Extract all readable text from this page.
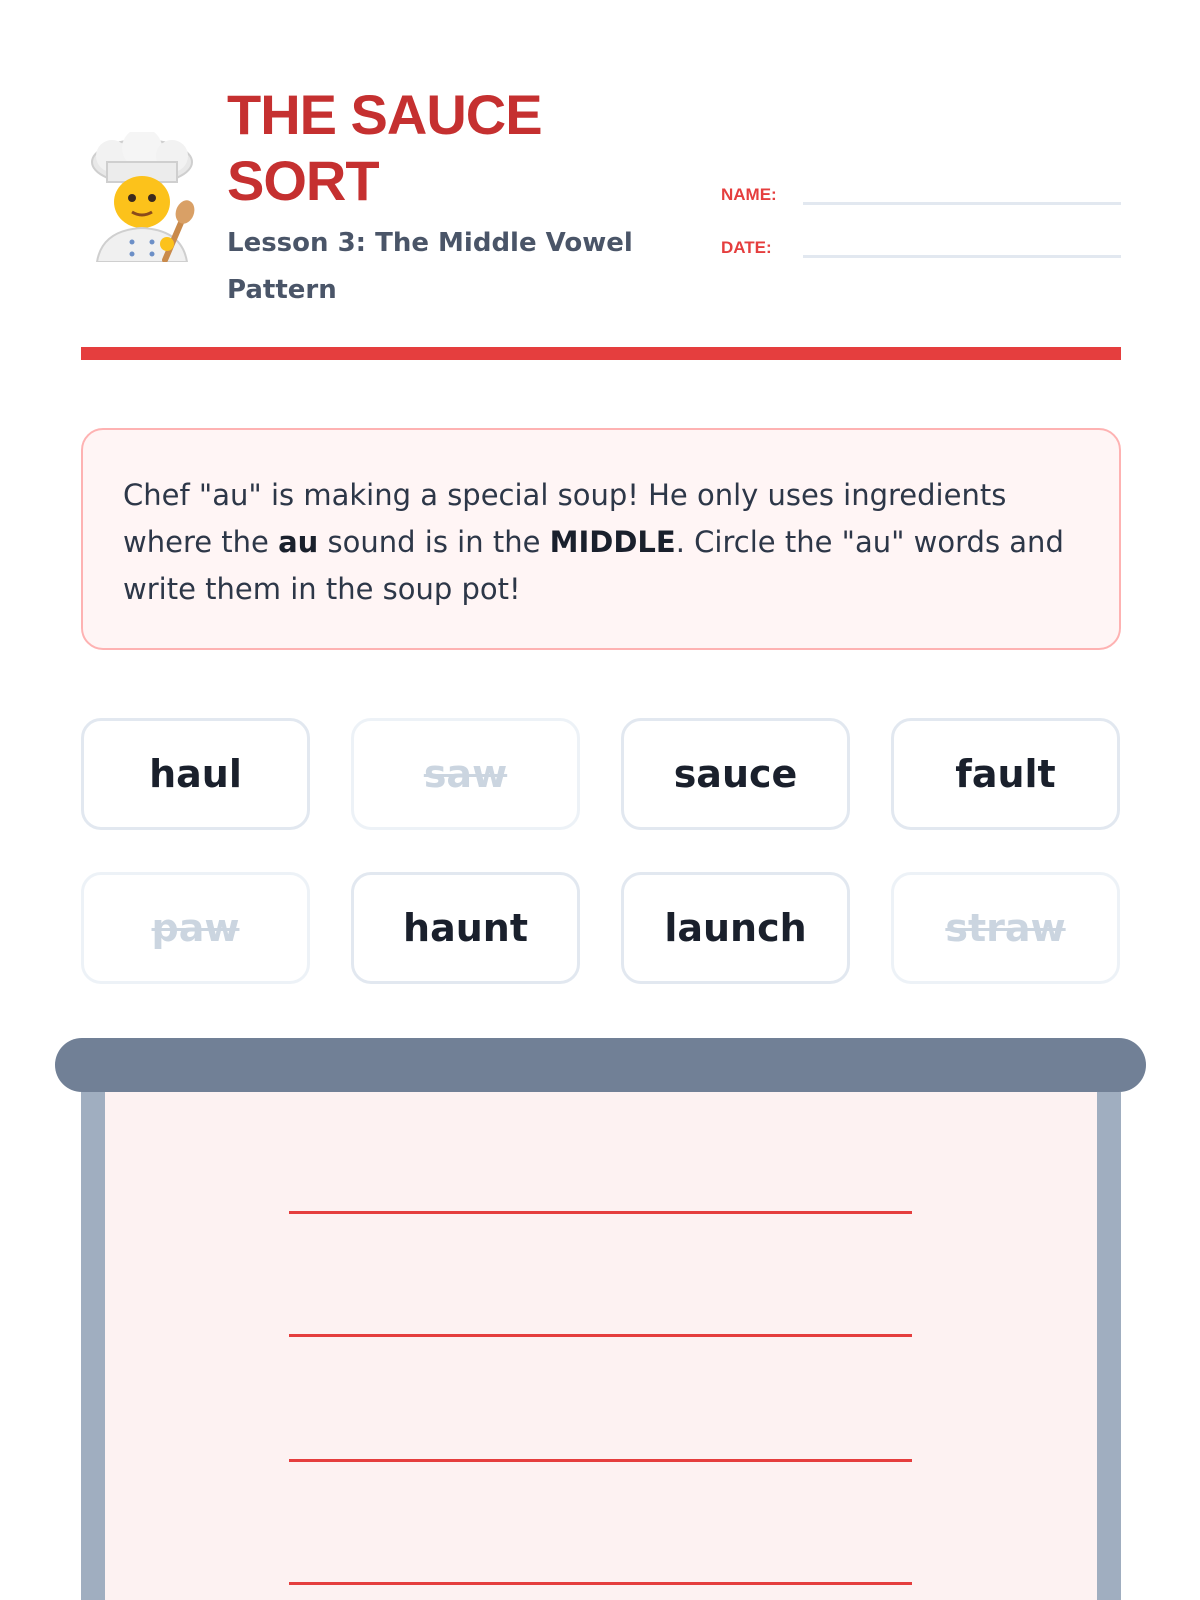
THE SAUCE
SORT
Lesson 3: The Middle Vowel Pattern
NAME:
DATE:
Chef "au" is making a special soup! He only uses ingredients where the au sound is in the MIDDLE. Circle the "au" words and write them in the soup pot!
haul	saw	sauce	fault
paw	haunt	launch	straw
